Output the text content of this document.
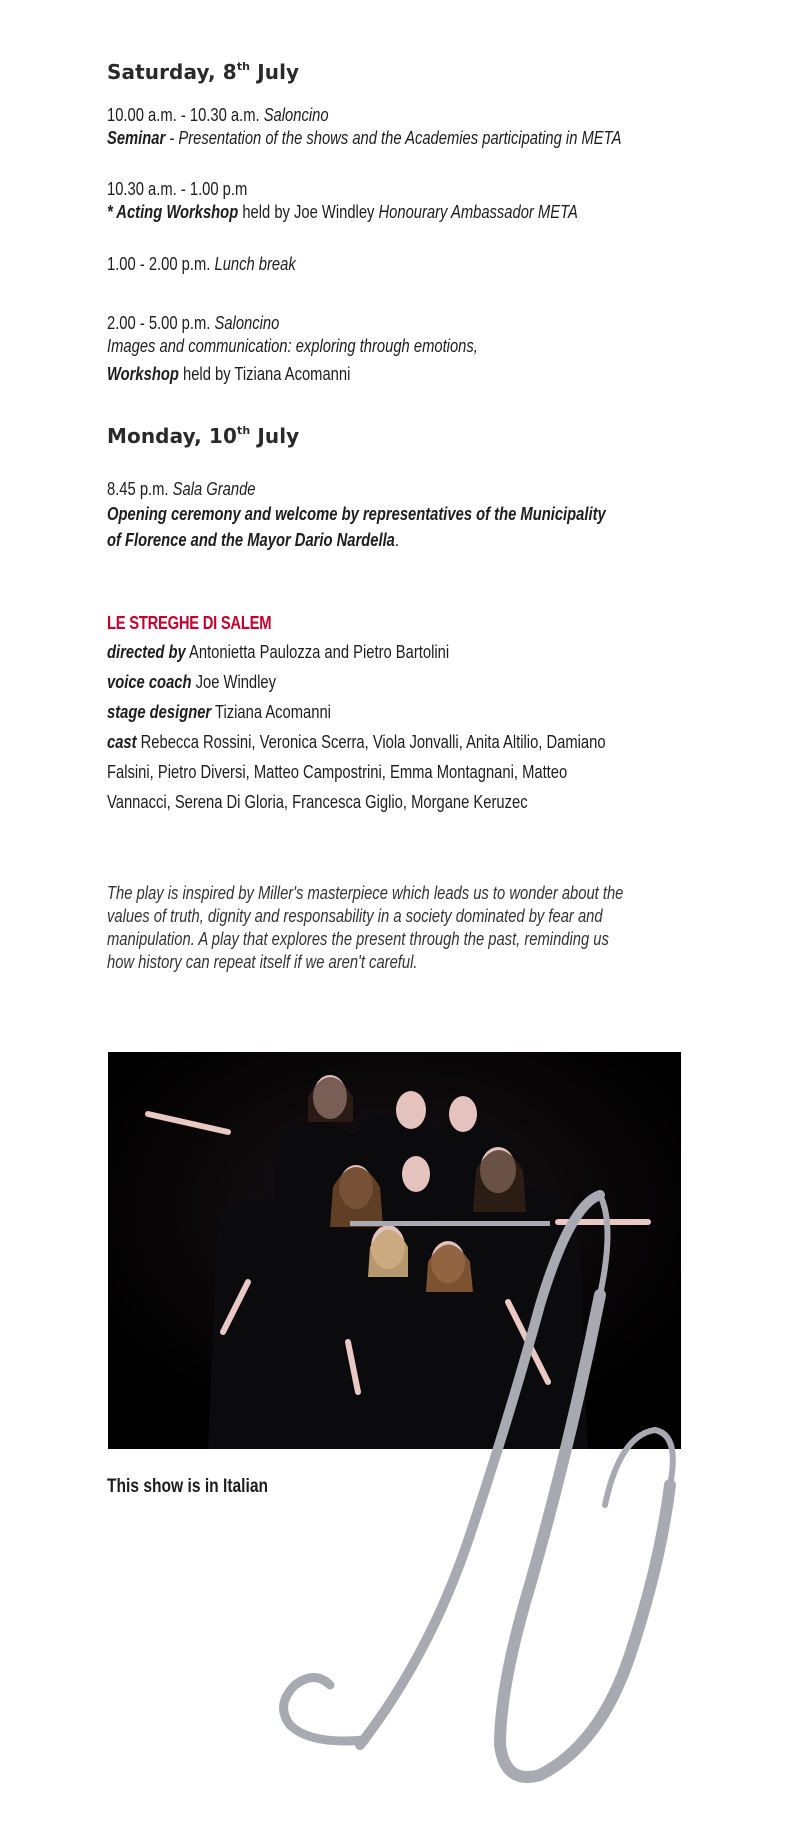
Saturday, 8th July
10.00 a.m. - 10.30 a.m. Saloncino
Seminar - Presentation of the shows and the Academies participating in META
10.30 a.m. - 1.00 p.m
* Acting Workshop held by Joe Windley Honourary Ambassador META
1.00 - 2.00 p.m. Lunch break
2.00 - 5.00 p.m. Saloncino
Images and communication: exploring through emotions,
Workshop held by Tiziana Acomanni
Monday, 10th July
8.45 p.m. Sala Grande
Opening ceremony and welcome by representatives of the Municipality
of Florence and the Mayor Dario Nardella.
LE STREGHE DI SALEM
directed by Antonietta Paulozza and Pietro Bartolini
voice coach Joe Windley
stage designer Tiziana Acomanni
cast Rebecca Rossini, Veronica Scerra, Viola Jonvalli, Anita Altilio, Damiano
Falsini, Pietro Diversi, Matteo Campostrini, Emma Montagnani, Matteo
Vannacci, Serena Di Gloria, Francesca Giglio, Morgane Keruzec
The play is inspired by Miller's masterpiece which leads us to wonder about the
values of truth, dignity and responsability in a society dominated by fear and
manipulation. A play that explores the present through the past, reminding us
how history can repeat itself if we aren't careful.
This show is in Italian
